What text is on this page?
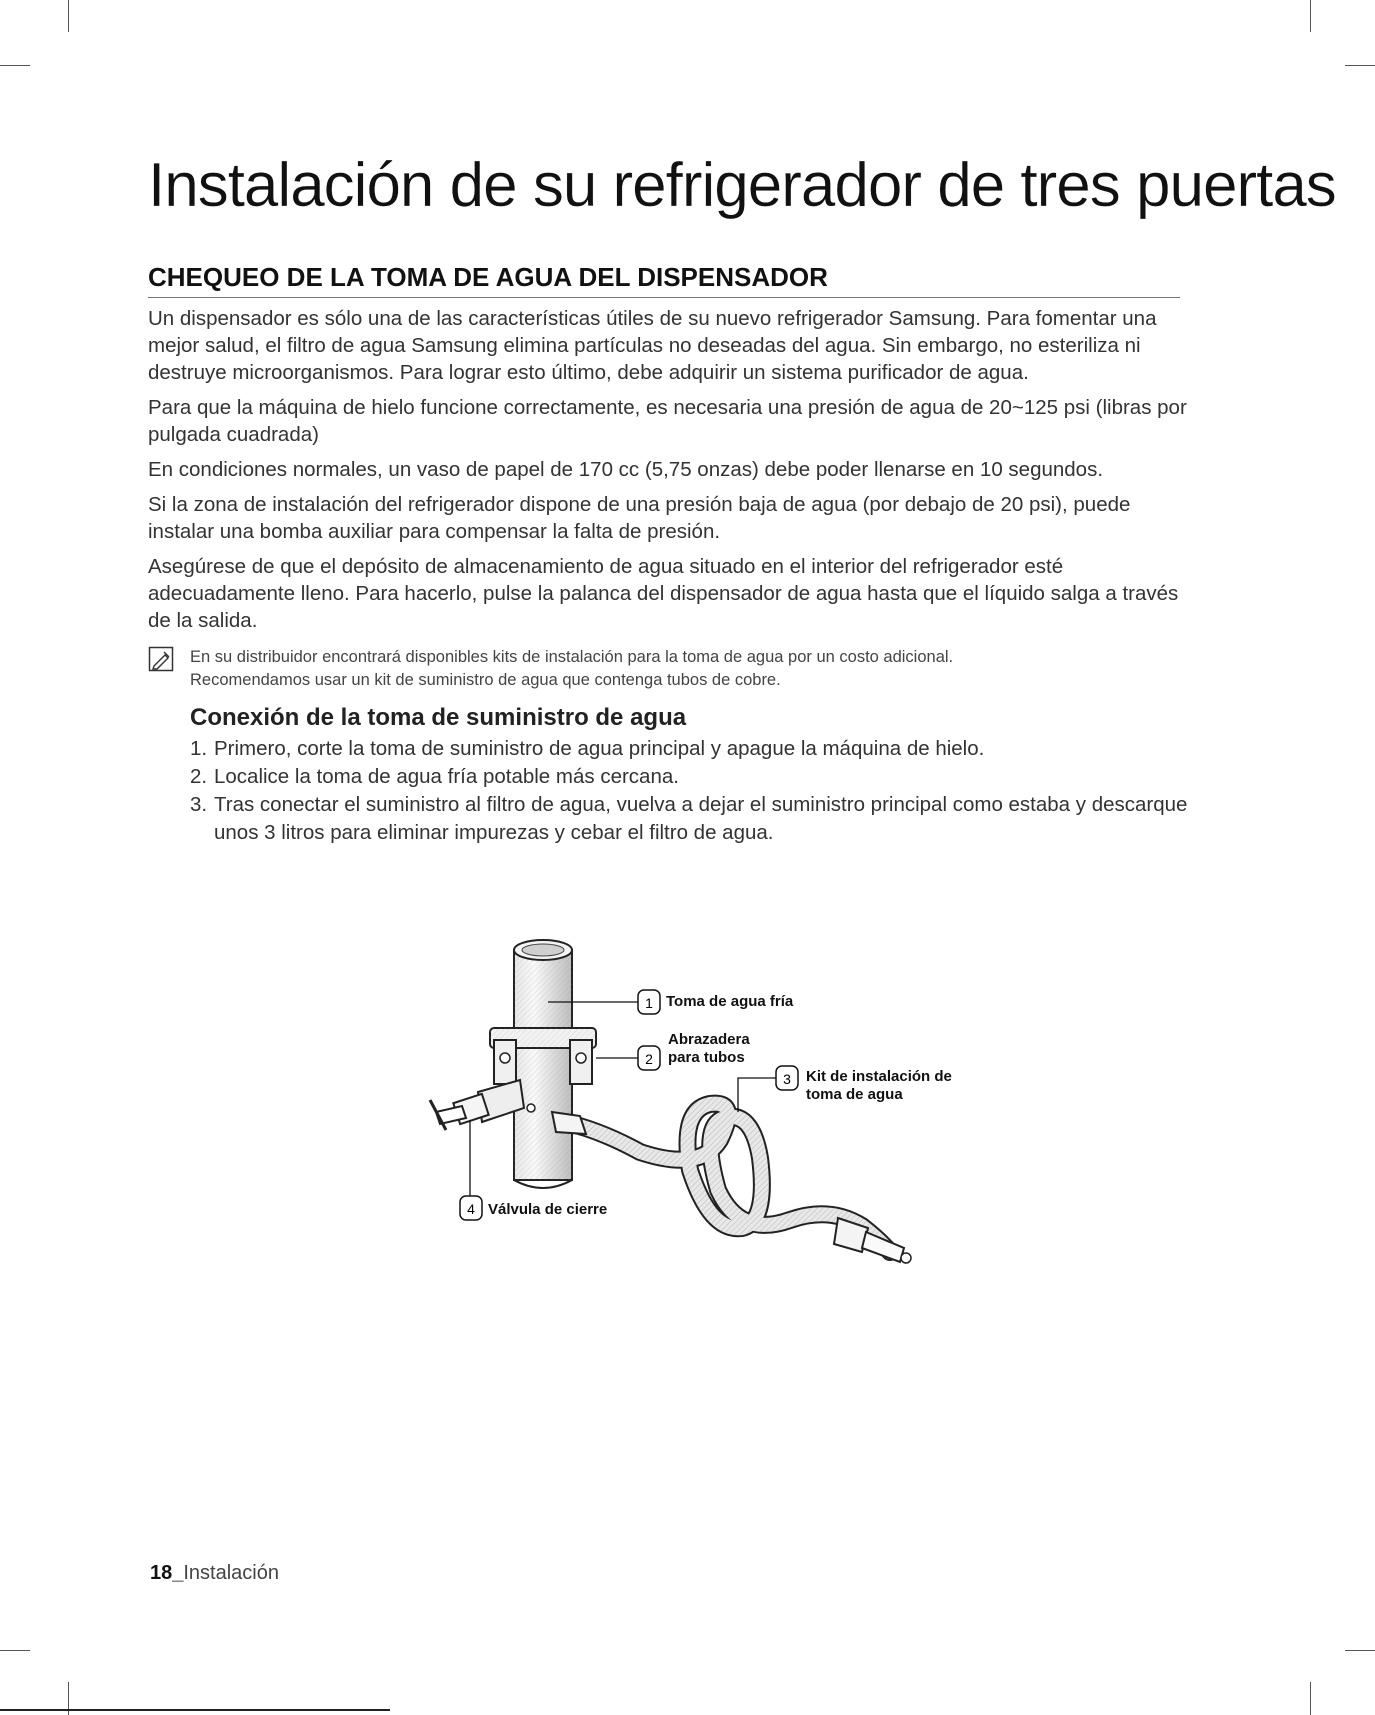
Instalación de su refrigerador de tres puertas
CHEQUEO DE LA TOMA DE AGUA DEL DISPENSADOR

Un dispensador es sólo una de las características útiles de su nuevo refrigerador Samsung. Para fomentar una mejor salud, el filtro de agua Samsung elimina partículas no deseadas del agua. Sin embargo, no esteriliza ni destruye microorganismos. Para lograr esto último, debe adquirir un sistema purificador de agua.

Para que la máquina de hielo funcione correctamente, es necesaria una presión de agua de 20~125 psi (libras por pulgada cuadrada)

En condiciones normales, un vaso de papel de 170 cc (5,75 onzas) debe poder llenarse en 10 segundos.

Si la zona de instalación del refrigerador dispone de una presión baja de agua (por debajo de 20 psi), puede instalar una bomba auxiliar para compensar la falta de presión.

Asegúrese de que el depósito de almacenamiento de agua situado en el interior del refrigerador esté adecuadamente lleno. Para hacerlo, pulse la palanca del dispensador de agua hasta que el líquido salga a través de la salida.

En su distribuidor encontrará disponibles kits de instalación para la toma de agua por un costo adicional.
Recomendamos usar un kit de suministro de agua que contenga tubos de cobre.
Conexión de la toma de suministro de agua
1. Primero, corte la toma de suministro de agua principal y apague la máquina de hielo.
2. Localice la toma de agua fría potable más cercana.
3. Tras conectar el suministro al filtro de agua, vuelva a dejar el suministro principal como estaba y descarque unos 3 litros para eliminar impurezas y cebar el filtro de agua.
1
2
3
4
Toma de agua fría
Abrazadera
para tubos
Kit de instalación de
toma de agua
Válvula de cierre
18_Instalación
